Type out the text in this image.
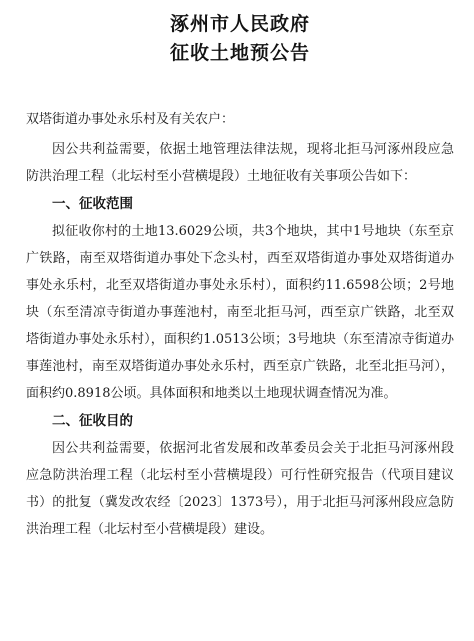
涿州市人民政府
征收土地预公告

双塔街道办事处永乐村及有关农户：

因公共利益需要，依据土地管理法律法规，现将北拒马河涿州段应急防洪治理工程（北坛村至小营横堤段）土地征收有关事项公告如下：

一、征收范围

拟征收你村的土地13.6029公顷，共3个地块，其中1号地块（东至京广铁路，南至双塔街道办事处下念头村，西至双塔街道办事处双塔街道办事处永乐村，北至双塔街道办事处永乐村），面积约11.6598公顷；2号地块（东至清凉寺街道办事莲池村，南至北拒马河，西至京广铁路，北至双塔街道办事处永乐村），面积约1.0513公顷；3号地块（东至清凉寺街道办事莲池村，南至双塔街道办事处永乐村，西至京广铁路，北至北拒马河），面积约0.8918公顷。具体面积和地类以土地现状调查情况为准。

二、征收目的

因公共利益需要，依据河北省发展和改革委员会关于北拒马河涿州段应急防洪治理工程（北坛村至小营横堤段）可行性研究报告（代项目建议书）的批复（冀发改农经〔2023〕1373号），用于北拒马河涿州段应急防洪治理工程（北坛村至小营横堤段）建设。
